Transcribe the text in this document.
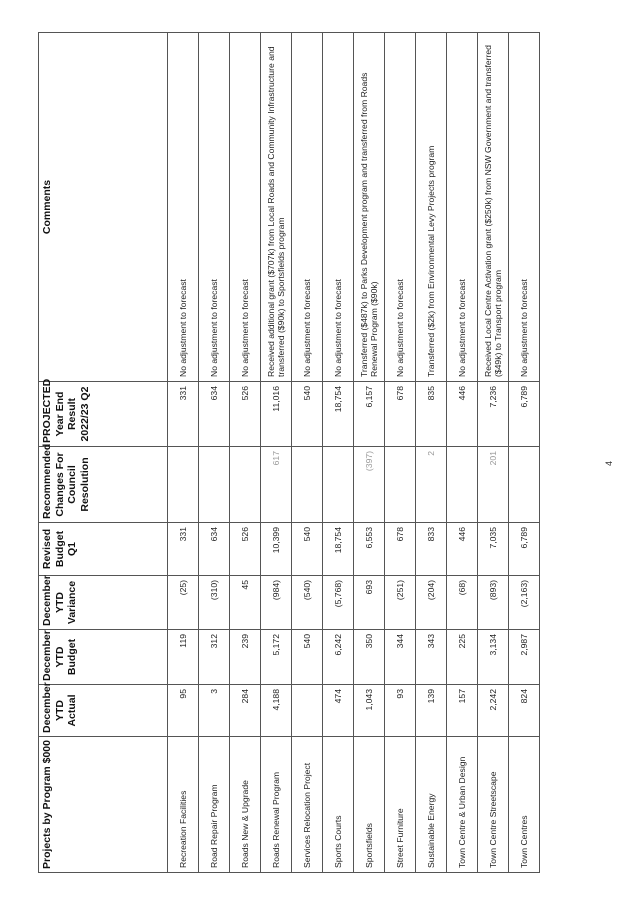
Projects by Program $000	December YTD Actual	December YTD Budget	December YTD Variance	Revised Budget Q1	Recommended Changes For Council Resolution	PROJECTED Year End Result 2022/23 Q2	Comments
Recreation Facilities	95	119	(25)	331		331	No adjustment to forecast
Road Repair Program	3	312	(310)	634		634	No adjustment to forecast
Roads New & Upgrade	284	239	45	526		526	No adjustment to forecast
Roads Renewal Program	4,188	5,172	(984)	10,399	617	11,016	Received additional grant ($707k) from Local Roads and Community Infrastructure and transferred ($90k) to Sportsfields program
Services Relocation Project		540	(540)	540		540	No adjustment to forecast
Sports Courts	474	6,242	(5,768)	18,754		18,754	No adjustment to forecast
Sportsfields	1,043	350	693	6,553	(397)	6,157	Transferred ($487k) to Parks Development program and transferred from Roads Renewal Program ($90k)
Street Furniture	93	344	(251)	678		678	No adjustment to forecast
Sustainable Energy	139	343	(204)	833	2	835	Transferred ($2k) from Environmental Levy Projects program
Town Centre & Urban Design	157	225	(68)	446		446	No adjustment to forecast
Town Centre Streetscape	2,242	3,134	(893)	7,035	201	7,236	Received Local Centre Activation grant ($250k) from NSW Government and transferred ($49k) to Transport program
Town Centres	824	2,987	(2,163)	6,789		6,789	No adjustment to forecast
4
